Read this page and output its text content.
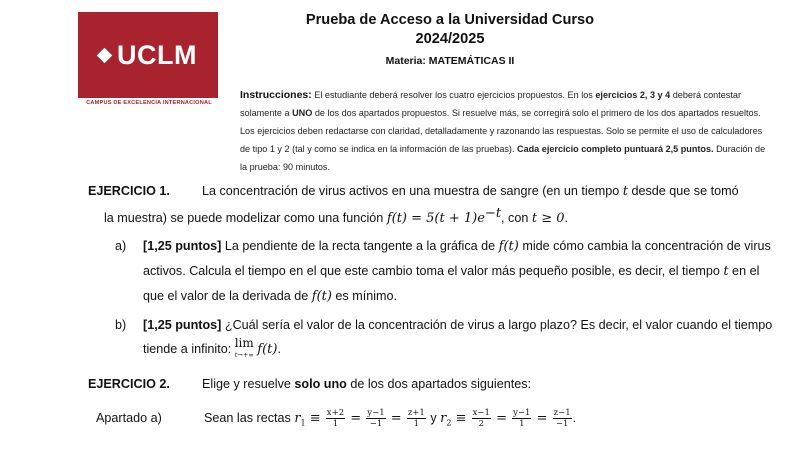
UCLM
CAMPUS DE EXCELENCIA INTERNACIONAL
Prueba de Acceso a la Universidad Curso
2024/2025
Materia: MATEMÁTICAS II
Instrucciones: El estudiante deberá resolver los cuatro ejercicios propuestos. En los ejercicios 2, 3 y 4 deberá contestar solamente a UNO de los dos apartados propuestos. Si resuelve más, se corregirá solo el primero de los dos apartados resueltos. Los ejercicios deben redactarse con claridad, detalladamente y razonando las respuestas. Solo se permite el uso de calculadores de tipo 1 y 2 (tal y como se indica en la información de las pruebas). Cada ejercicio completo puntuará 2,5 puntos. Duración de la prueba: 90 minutos.
EJERCICIO 1.	La concentración de virus activos en una muestra de sangre (en un tiempo t desde que se tomó
la muestra) se puede modelizar como una función $f(t) = 5(t + 1)e^{-t}$, con t ≥ 0.
a)	[1,25 puntos] La pendiente de la recta tangente a la gráfica de f(t) mide cómo cambia la concentración de virus activos. Calcula el tiempo en el que este cambio toma el valor más pequeño posible, es decir, el tiempo t en el que el valor de la derivada de f(t) es mínimo.
b)	[1,25 puntos] ¿Cuál sería el valor de la concentración de virus a largo plazo? Es decir, el valor cuando el tiempo tiende a infinito: lim
t→+∞ f(t).
EJERCICIO 2.	Elige y resuelve solo uno de los dos apartados siguientes:
Apartado a)	Sean las rectas $r_1 \equiv \frac{x+2}{1} = \frac{y-1}{-1} = \frac{z+1}{1}$ y $r_2 \equiv \frac{x-1}{2} = \frac{y-1}{1} = \frac{z-1}{-1}$ .
